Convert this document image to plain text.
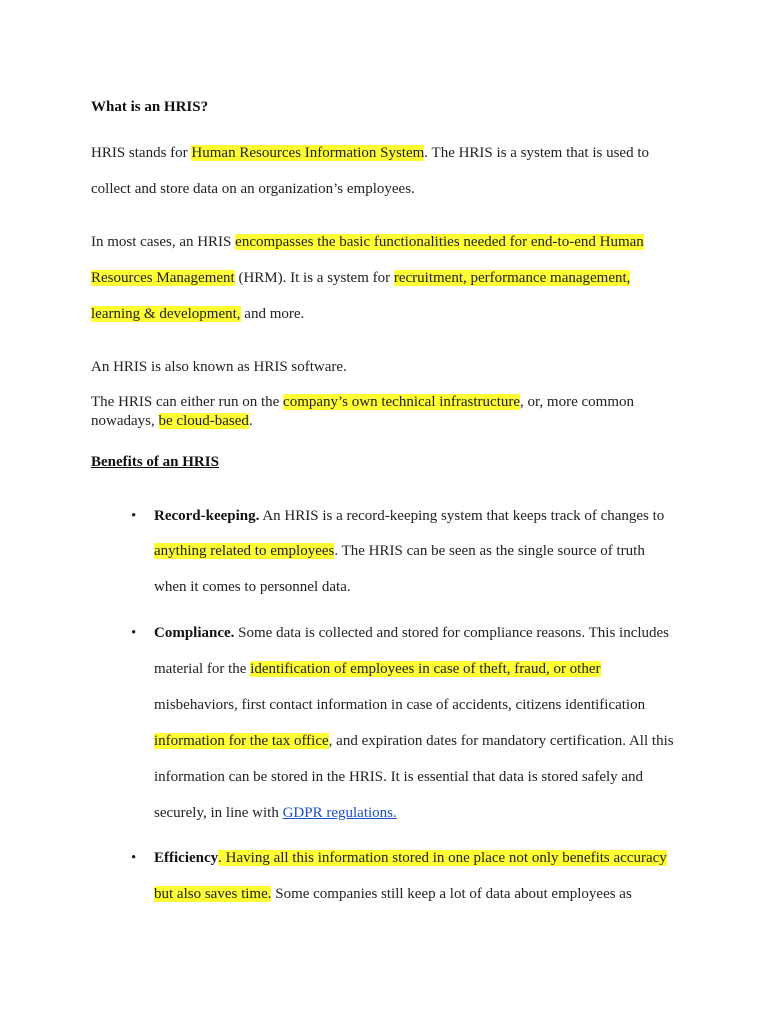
What is an HRIS?
HRIS stands for Human Resources Information System. The HRIS is a system that is used to
collect and store data on an organization’s employees.
In most cases, an HRIS encompasses the basic functionalities needed for end-to-end Human
Resources Management (HRM). It is a system for recruitment, performance management,
learning & development, and more.
An HRIS is also known as HRIS software.
The HRIS can either run on the company’s own technical infrastructure, or, more common
nowadays, be cloud-based.
Benefits of an HRIS
• Record-keeping. An HRIS is a record-keeping system that keeps track of changes to
anything related to employees. The HRIS can be seen as the single source of truth
when it comes to personnel data.
• Compliance. Some data is collected and stored for compliance reasons. This includes
material for the identification of employees in case of theft, fraud, or other
misbehaviors, first contact information in case of accidents, citizens identification
information for the tax office, and expiration dates for mandatory certification. All this
information can be stored in the HRIS. It is essential that data is stored safely and
securely, in line with GDPR regulations.
• Efficiency. Having all this information stored in one place not only benefits accuracy
but also saves time. Some companies still keep a lot of data about employees as
